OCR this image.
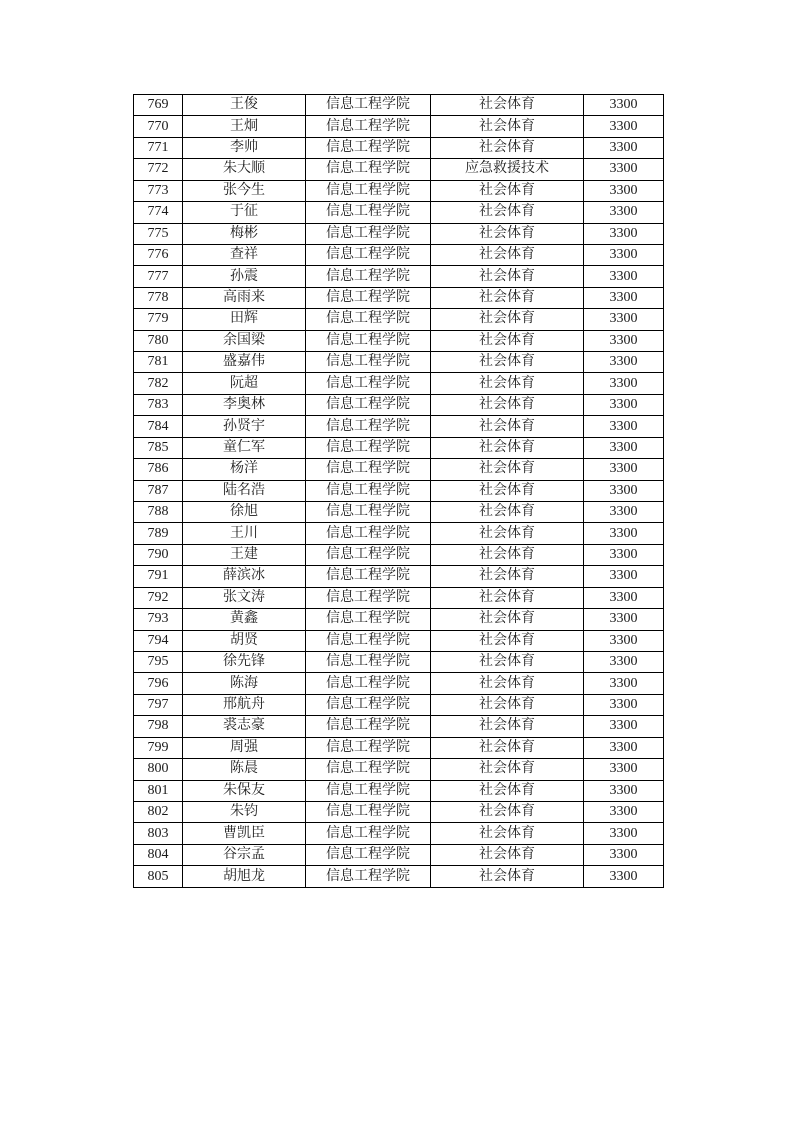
769	王俊	信息工程学院	社会体育	3300
770	王炯	信息工程学院	社会体育	3300
771	李帅	信息工程学院	社会体育	3300
772	朱大顺	信息工程学院	应急救援技术	3300
773	张今生	信息工程学院	社会体育	3300
774	于征	信息工程学院	社会体育	3300
775	梅彬	信息工程学院	社会体育	3300
776	查祥	信息工程学院	社会体育	3300
777	孙震	信息工程学院	社会体育	3300
778	高雨来	信息工程学院	社会体育	3300
779	田辉	信息工程学院	社会体育	3300
780	余国梁	信息工程学院	社会体育	3300
781	盛嘉伟	信息工程学院	社会体育	3300
782	阮超	信息工程学院	社会体育	3300
783	李奥林	信息工程学院	社会体育	3300
784	孙贤宇	信息工程学院	社会体育	3300
785	童仁军	信息工程学院	社会体育	3300
786	杨洋	信息工程学院	社会体育	3300
787	陆名浩	信息工程学院	社会体育	3300
788	徐旭	信息工程学院	社会体育	3300
789	王川	信息工程学院	社会体育	3300
790	王建	信息工程学院	社会体育	3300
791	薛滨冰	信息工程学院	社会体育	3300
792	张文涛	信息工程学院	社会体育	3300
793	黄鑫	信息工程学院	社会体育	3300
794	胡贤	信息工程学院	社会体育	3300
795	徐先锋	信息工程学院	社会体育	3300
796	陈海	信息工程学院	社会体育	3300
797	邢航舟	信息工程学院	社会体育	3300
798	裘志豪	信息工程学院	社会体育	3300
799	周强	信息工程学院	社会体育	3300
800	陈晨	信息工程学院	社会体育	3300
801	朱保友	信息工程学院	社会体育	3300
802	朱钧	信息工程学院	社会体育	3300
803	曹凯臣	信息工程学院	社会体育	3300
804	谷宗孟	信息工程学院	社会体育	3300
805	胡旭龙	信息工程学院	社会体育	3300
